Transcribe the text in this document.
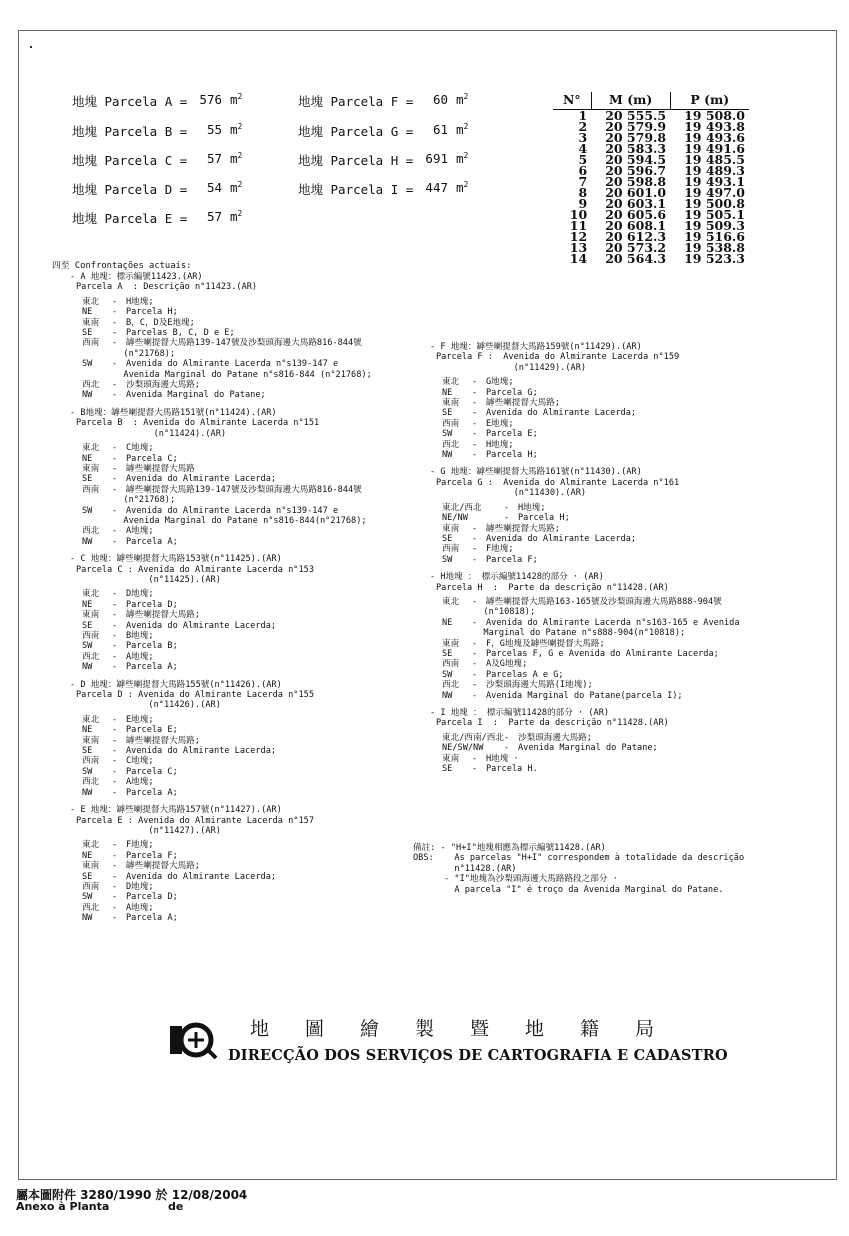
地塊 Parcela A = 576 $m^2$
地塊 Parcela B =	55 $m^2$
地塊 Parcela C =	57 $m^2$
地塊 Parcela D =	54 $m^2$
地塊 Parcela E =	57 $m^2$
地塊 Parcela F =	60 $m^2$
地塊 Parcela G =	61 $m^2$
地塊 Parcela H = 691 $m^2$
地塊 Parcela I = 447 $m^2$
N°	M (m)	P (m)
1	20 555.5	19 508.0
2	20 579.9	19 493.8
3	20 579.8	19 493.6
4	20 583.3	19 491.6
5	20 594.5	19 485.5
6	20 596.7	19 489.3
7	20 598.8	19 493.1
8	20 601.0	19 497.0
9	20 603.1	19 500.8
10	20 605.6	19 505.1
11	20 608.1	19 509.3
12	20 612.3	19 516.6
13	20 573.2	19 538.8
14	20 564.3	19 523.3
四至 Confrontações actuais:
- A 地塊：標示編號11423.(AR)
Parcela A  : Descrição n°11423.(AR)
東北 - H地塊;
NE - Parcela H;
東南 - B，C，D及E地塊;
SE - Parcelas B, C, D e E;
西南 - 罅些喇提督大馬路139-147號及沙梨頭海邊大馬路816-844號
(n°21768);
SW - Avenida do Almirante Lacerda n°s139-147 e
Avenida Marginal do Patane n°s816-844 (n°21768);
西北 - 沙梨頭海邊大馬路;
NW - Avenida Marginal do Patane;
- B地塊：罅些喇提督大馬路151號(n°11424).(AR)
Parcela B  : Avenida do Almirante Lacerda n°151
(n°11424).(AR)
東北 - C地塊;
NE - Parcela C;
東南 - 罅些喇提督大馬路
SE - Avenida do Almirante Lacerda;
西南 - 罅些喇提督大馬路139-147號及沙梨頭海邊大馬路816-844號
(n°21768);
SW - Avenida do Almirante Lacerda n°s139-147 e
Avenida Marginal do Patane n°s816-844(n°21768);
西北 - A地塊;
NW - Parcela A;
- C 地塊：罅些喇提督大馬路153號(n°11425).(AR)
Parcela C : Avenida do Almirante Lacerda n°153
(n°11425).(AR)
東北 - D地塊;
NE - Parcela D;
東南 - 罅些喇提督大馬路;
SE - Avenida do Almirante Lacerda;
西南 - B地塊;
SW - Parcela B;
西北 - A地塊;
NW - Parcela A;
- D 地塊：罅些喇提督大馬路155號(n°11426).(AR)
Parcela D : Avenida do Almirante Lacerda n°155
(n°11426).(AR)
東北 - E地塊;
NE - Parcela E;
東南 - 罅些喇提督大馬路;
SE - Avenida do Almirante Lacerda;
西南 - C地塊;
SW - Parcela C;
西北 - A地塊;
NW - Parcela A;
- E 地塊：罅些喇提督大馬路157號(n°11427).(AR)
Parcela E : Avenida do Almirante Lacerda n°157
(n°11427).(AR)
東北 - F地塊;
NE - Parcela F;
東南 - 罅些喇提督大馬路;
SE - Avenida do Almirante Lacerda;
西南 - D地塊;
SW - Parcela D;
西北 - A地塊;
NW - Parcela A;
- F 地塊：罅些喇提督大馬路159號(n°11429).(AR)
Parcela F :  Avenida do Almirante Lacerda n°159
(n°11429).(AR)
東北 - G地塊;
NE - Parcela G;
東南 - 罅些喇提督大馬路;
SE - Avenida do Almirante Lacerda;
西南 - E地塊;
SW - Parcela E;
西北 - H地塊;
NW - Parcela H;
- G 地塊：罅些喇提督大馬路161號(n°11430).(AR)
Parcela G :  Avenida do Almirante Lacerda n°161
(n°11430).(AR)
東北/西北	- H地塊;
NE/NW	- Parcela H;
東南 - 罅些喇提督大馬路;
SE - Avenida do Almirante Lacerda;
西南 - F地塊;
SW - Parcela F;
- H地塊 ： 標示編號11428的部分 · (AR)
Parcela H  :  Parte da descrição n°11428.(AR)
東北 - 罅些喇提督大馬路163-165號及沙梨頭海邊大馬路888-904號
(n°10818);
NE - Avenida do Almirante Lacerda n°s163-165 e Avenida
Marginal do Patane n°s888-904(n°10818);
東南 - F，G地塊及罅些喇提督大馬路;
SE - Parcelas F, G e Avenida do Almirante Lacerda;
西南 - A及G地塊;
SW - Parcelas A e G;
西北 - 沙梨頭海邊大馬路(I地塊);
NW - Avenida Marginal do Patane(parcela I);
- I 地塊 ： 標示編號11428的部分 · (AR)
Parcela I  :  Parte da descrição n°11428.(AR)
東北/西南/西北- 沙梨頭海邊大馬路;
NE/SW/NW - Avenida Marginal do Patane;
東南 - H地塊 ·
SE - Parcela H.
備註: - "H+I"地塊相應為標示編號11428.(AR)
OBS:    As parcelas "H+I" correspondem à totalidade da descrição
n°11428.(AR)
- "I"地塊為沙梨頭海邊大馬路路段之部分 ·
A parcela "I" é troço da Avenida Marginal do Patane.
地圖繪製暨地籍局
DIRECÇÃO DOS SERVIÇOS DE CARTOGRAFIA E CADASTRO
屬本圖附件 3280/1990 於 12/08/2004
Anexo à Planta	de
